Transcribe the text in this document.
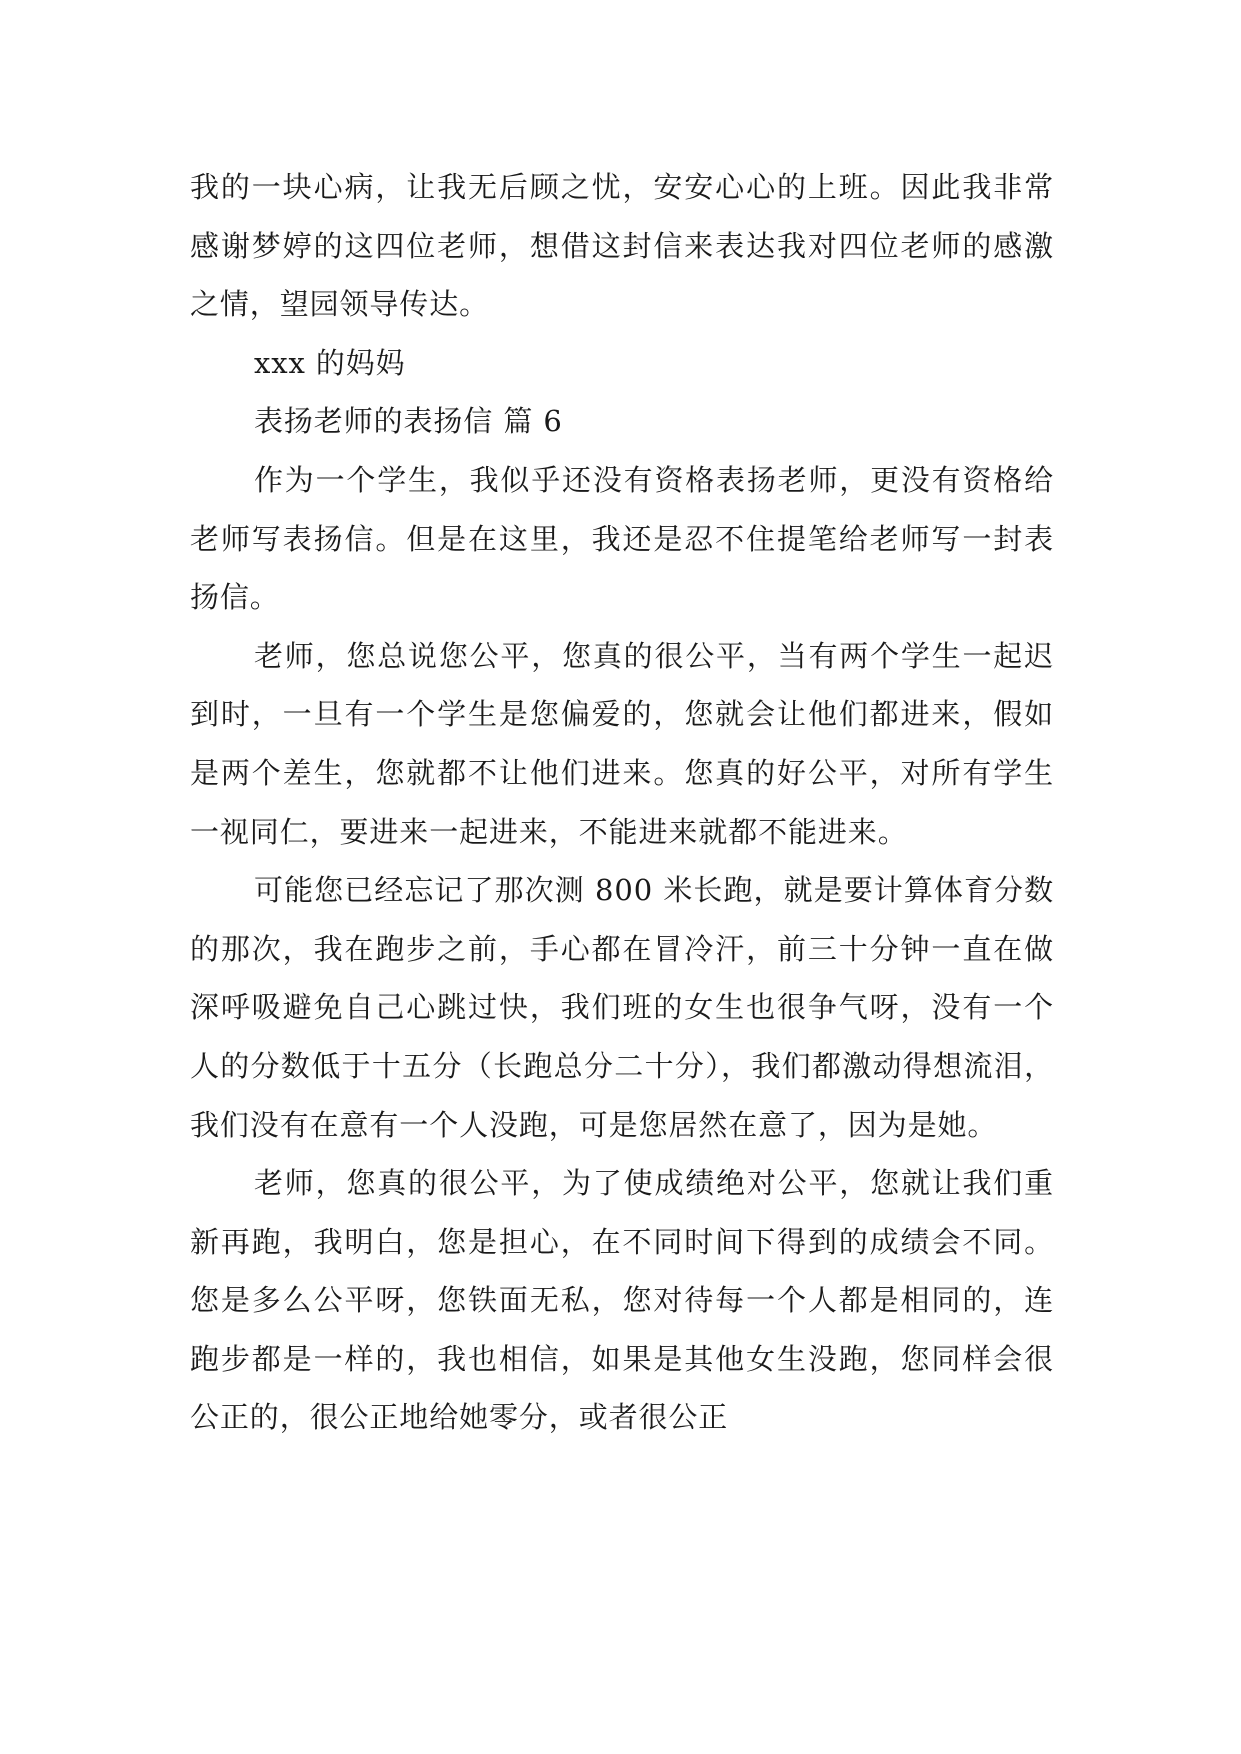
我的一块心病，让我无后顾之忧，安安心心的上班。因此我非常感谢梦婷的这四位老师，想借这封信来表达我对四位老师的感激之情，望园领导传达。

xxx 的妈妈

表扬老师的表扬信 篇 6

作为一个学生，我似乎还没有资格表扬老师，更没有资格给老师写表扬信。但是在这里，我还是忍不住提笔给老师写一封表扬信。

老师，您总说您公平，您真的很公平，当有两个学生一起迟到时，一旦有一个学生是您偏爱的，您就会让他们都进来，假如是两个差生，您就都不让他们进来。您真的好公平，对所有学生一视同仁，要进来一起进来，不能进来就都不能进来。

可能您已经忘记了那次测 800 米长跑，就是要计算体育分数的那次，我在跑步之前，手心都在冒冷汗，前三十分钟一直在做深呼吸避免自己心跳过快，我们班的女生也很争气呀，没有一个人的分数低于十五分（长跑总分二十分），我们都激动得想流泪，我们没有在意有一个人没跑，可是您居然在意了，因为是她。

老师，您真的很公平，为了使成绩绝对公平，您就让我们重新再跑，我明白，您是担心，在不同时间下得到的成绩会不同。您是多么公平呀，您铁面无私，您对待每一个人都是相同的，连跑步都是一样的，我也相信，如果是其他女生没跑，您同样会很公正的，很公正地给她零分，或者很公正
